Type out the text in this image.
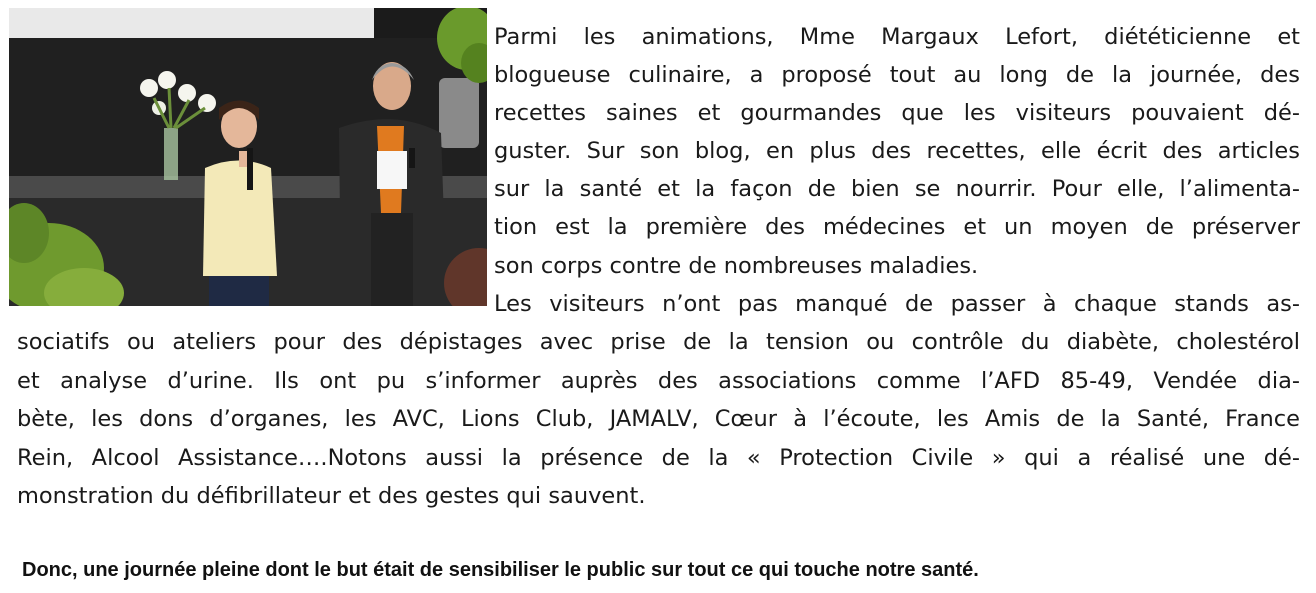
Parmi les animations, Mme Margaux Lefort, diététicienne et
blogueuse culinaire, a proposé tout au long de la journée, des
recettes saines et gourmandes que les visiteurs pouvaient dé-
guster. Sur son blog, en plus des recettes, elle écrit des articles
sur la santé et la façon de bien se nourrir. Pour elle, l’alimenta-
tion est la première des médecines et un moyen de préserver
son corps contre de nombreuses maladies.
Les visiteurs n’ont pas manqué de passer à chaque stands as-
sociatifs ou ateliers pour des dépistages avec prise de la tension ou contrôle du diabète, cholestérol
et analyse d’urine. Ils ont pu s’informer auprès des associations comme l’AFD 85-49, Vendée dia-
bète, les dons d’organes, les AVC, Lions Club, JAMALV, Cœur à l’écoute, les Amis de la Santé, France
Rein, Alcool Assistance….Notons aussi la présence de la « Protection Civile » qui a réalisé une dé-
monstration du défibrillateur et des gestes qui sauvent.
Donc, une journée pleine dont le but était de sensibiliser le public sur tout ce qui touche notre santé.
